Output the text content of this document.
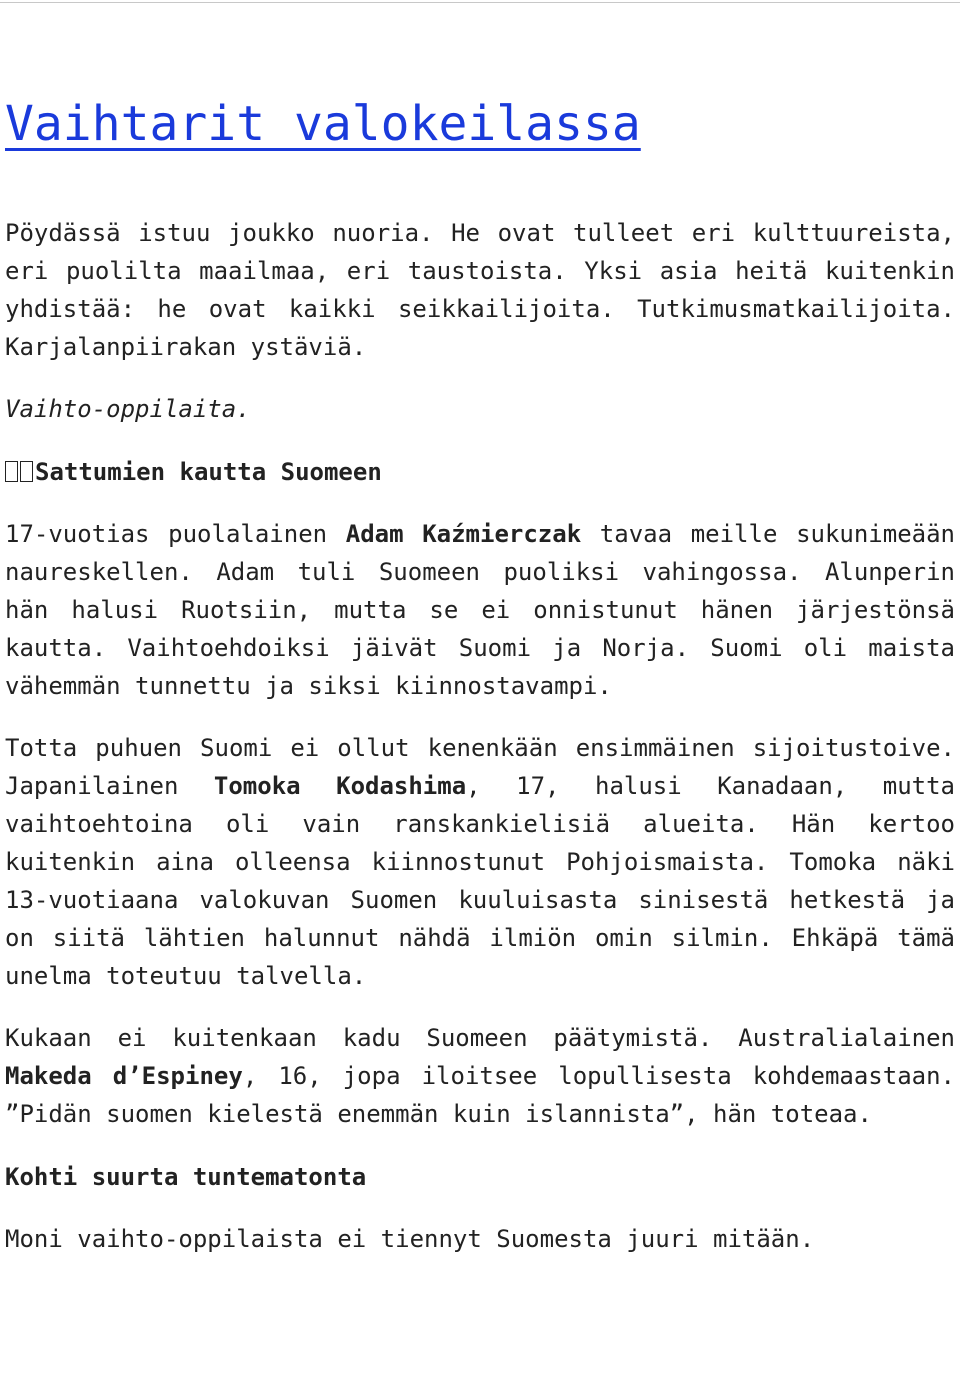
Vaihtarit valokeilassa

Pöydässä istuu joukko nuoria. He ovat tulleet eri kulttuureista, eri puolilta maailmaa, eri taustoista. Yksi asia heitä kuitenkin yhdistää: he ovat kaikki seikkailijoita. Tutkimusmatkailijoita. Karjalanpiirakan ystäviä.

Vaihto-oppilaita.

Sattumien kautta Suomeen

17-vuotias puolalainen Adam Kaźmierczak tavaa meille sukunimeään naureskellen. Adam tuli Suomeen puoliksi vahingossa. Alunperin hän halusi Ruotsiin, mutta se ei onnistunut hänen järjestönsä kautta. Vaihtoehdoiksi jäivät Suomi ja Norja. Suomi oli maista vähemmän tunnettu ja siksi kiinnostavampi.

Totta puhuen Suomi ei ollut kenenkään ensimmäinen sijoitustoive. Japanilainen Tomoka Kodashima, 17, halusi Kanadaan, mutta vaihtoehtoina oli vain ranskankielisiä alueita. Hän kertoo kuitenkin aina olleensa kiinnostunut Pohjoismaista. Tomoka näki 13-vuotiaana valokuvan Suomen kuuluisasta sinisestä hetkestä ja on siitä lähtien halunnut nähdä ilmiön omin silmin. Ehkäpä tämä unelma toteutuu talvella.

Kukaan ei kuitenkaan kadu Suomeen päätymistä. Australialainen Makeda d’Espiney, 16, jopa iloitsee lopullisesta kohdemaastaan. ”Pidän suomen kielestä enemmän kuin islannista”, hän toteaa.

Kohti suurta tuntematonta

Moni vaihto-oppilaista ei tiennyt Suomesta juuri mitään.
